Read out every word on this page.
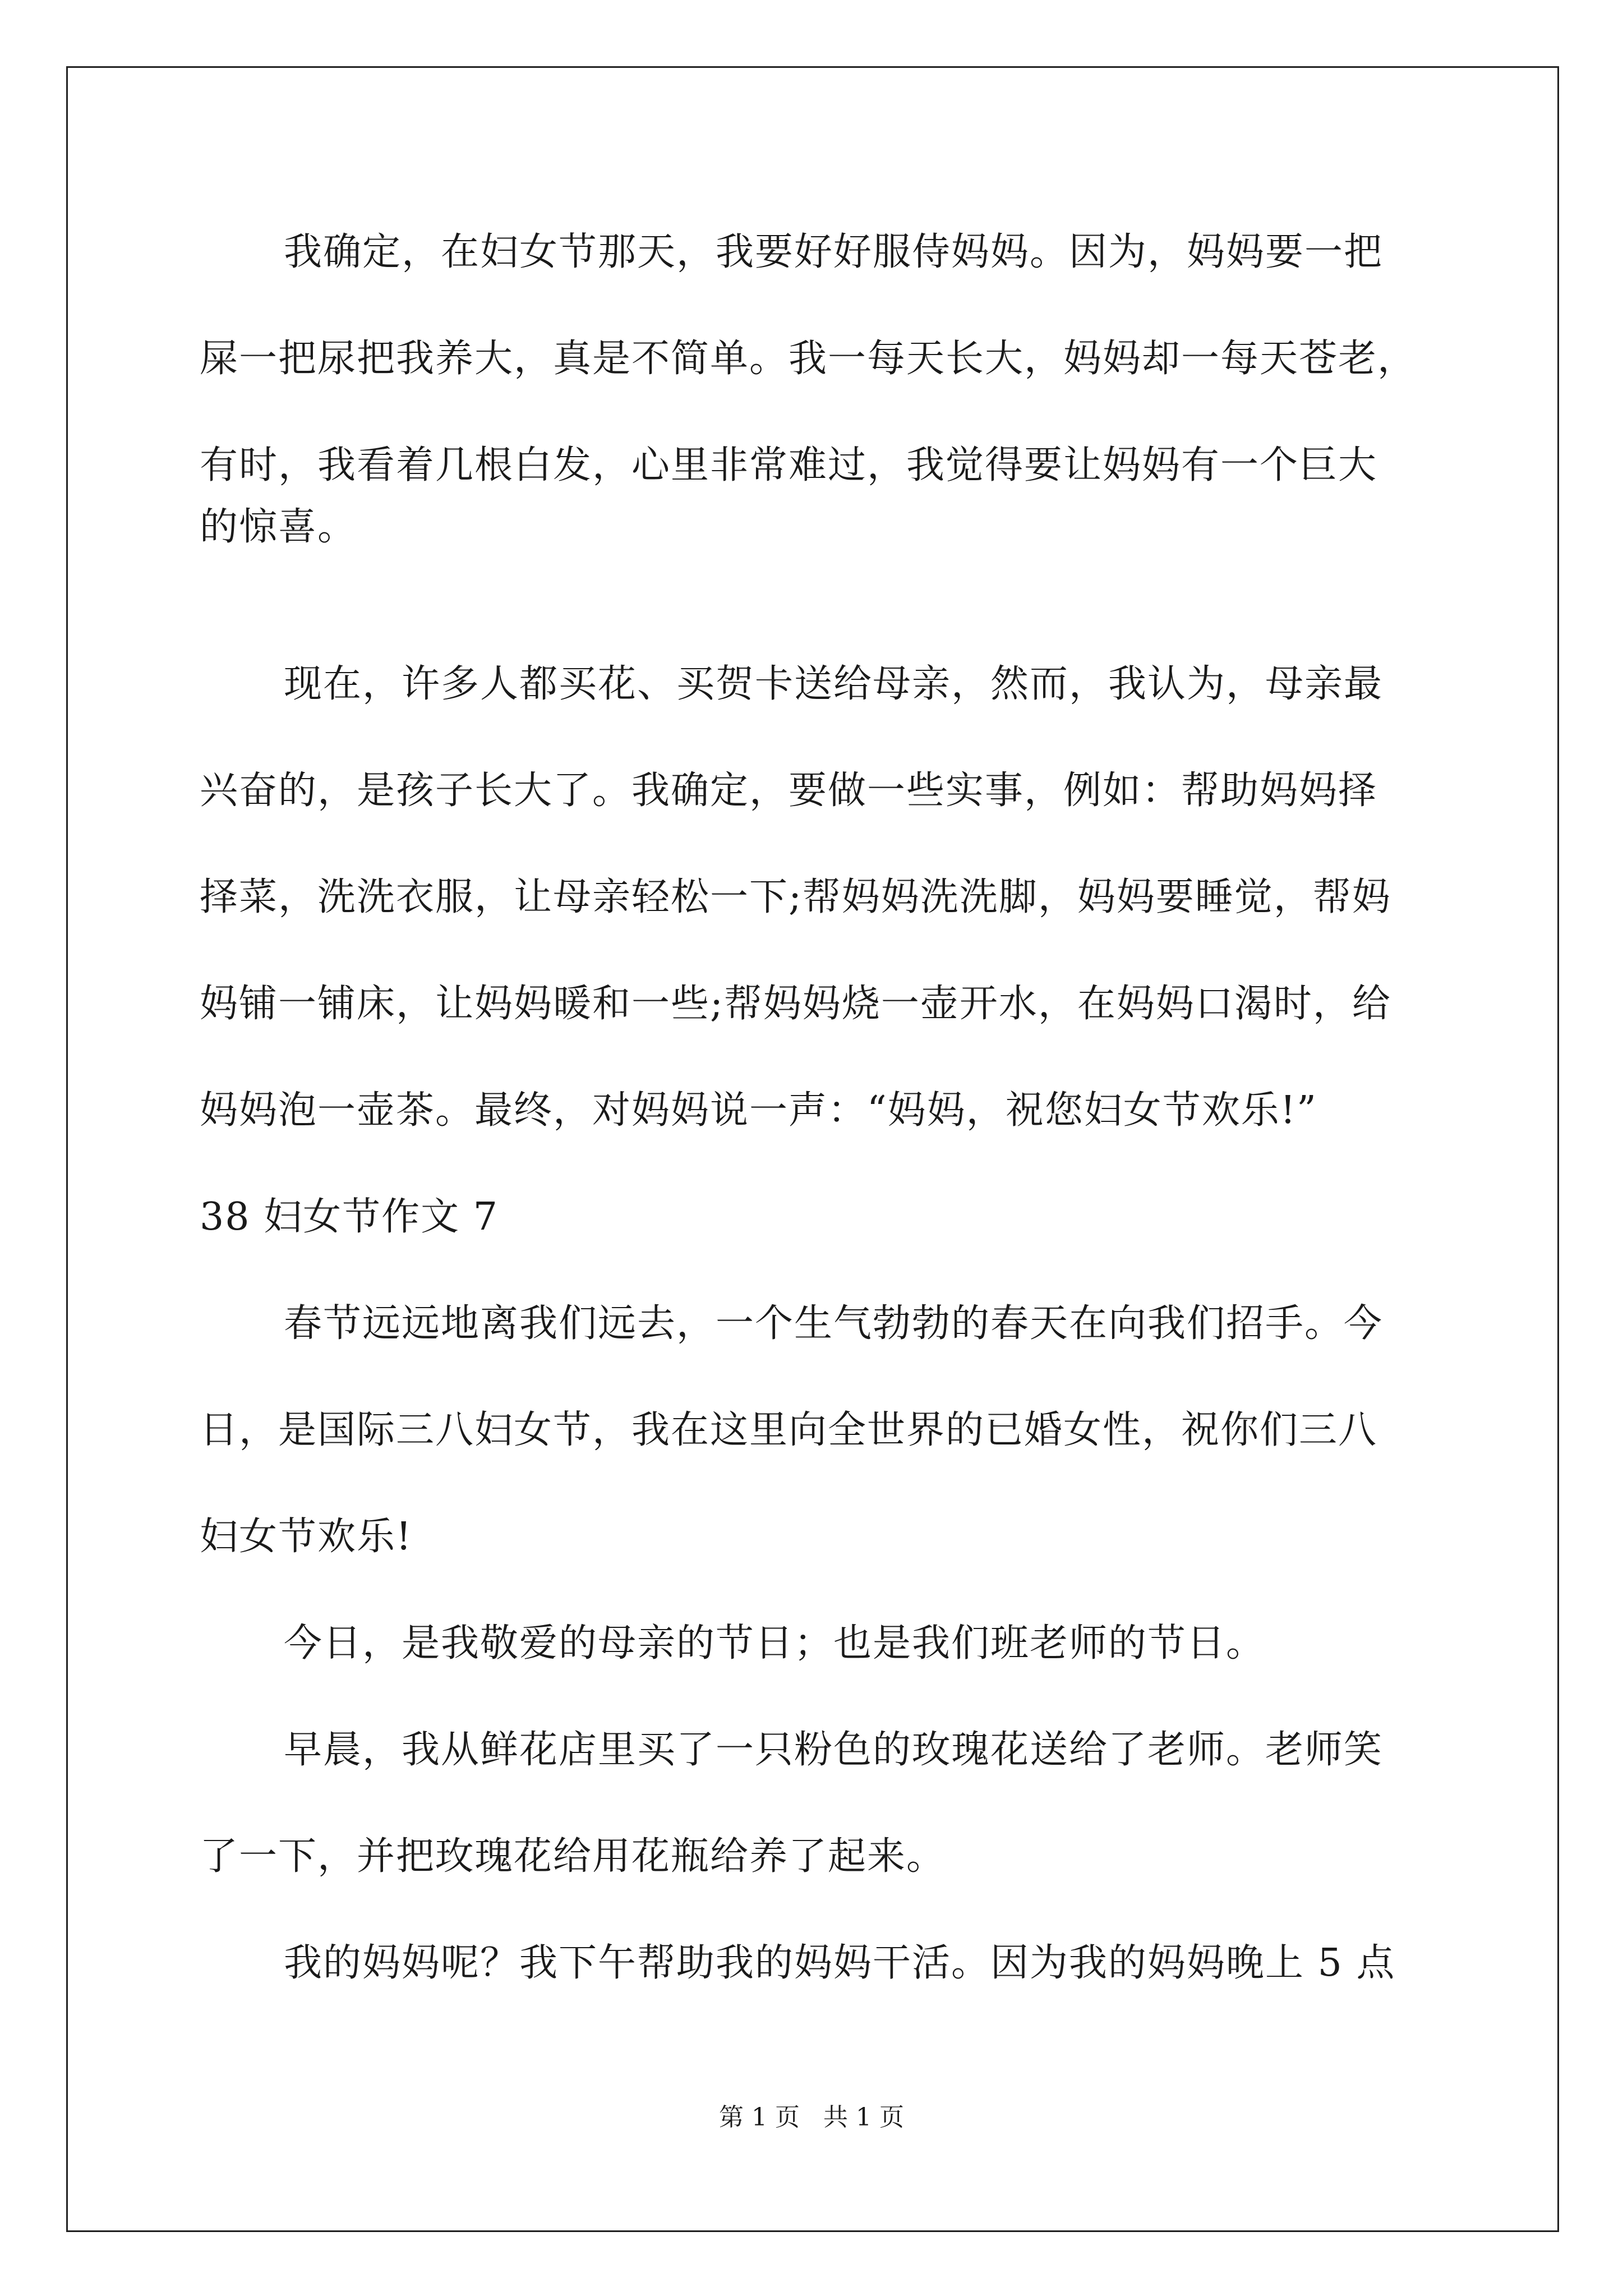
我确定，在妇女节那天，我要好好服侍妈妈。因为，妈妈要一把
屎一把尿把我养大，真是不简单。我一每天长大，妈妈却一每天苍老，
有时，我看着几根白发，心里非常难过，我觉得要让妈妈有一个巨大
的惊喜。
现在，许多人都买花、买贺卡送给母亲，然而，我认为，母亲最
兴奋的，是孩子长大了。我确定，要做一些实事，例如：帮助妈妈择
择菜，洗洗衣服，让母亲轻松一下;帮妈妈洗洗脚，妈妈要睡觉，帮妈
妈铺一铺床，让妈妈暖和一些;帮妈妈烧一壶开水，在妈妈口渴时，给
妈妈泡一壶茶。最终，对妈妈说一声：“妈妈，祝您妇女节欢乐!”
38 妇女节作文 7
春节远远地离我们远去，一个生气勃勃的春天在向我们招手。今
日，是国际三八妇女节，我在这里向全世界的已婚女性，祝你们三八
妇女节欢乐!
今日，是我敬爱的母亲的节日；也是我们班老师的节日。
早晨，我从鲜花店里买了一只粉色的玫瑰花送给了老师。老师笑
了一下，并把玫瑰花给用花瓶给养了起来。
我的妈妈呢？我下午帮助我的妈妈干活。因为我的妈妈晚上 5 点
第 1 页   共 1 页
